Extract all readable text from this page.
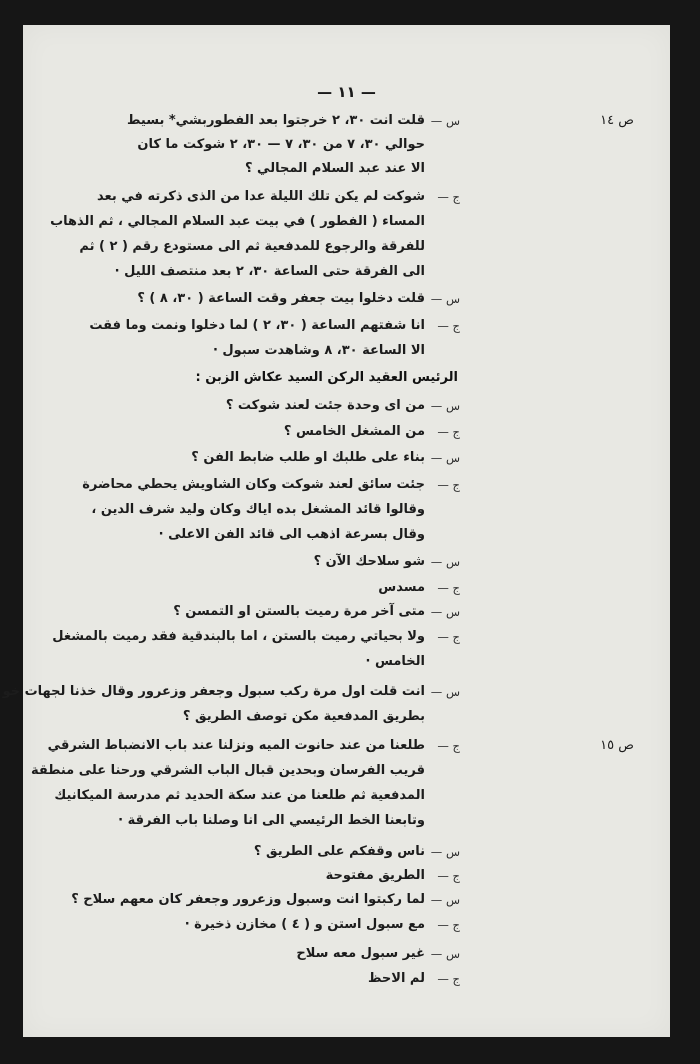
— ١١ —
ص ١٤
ص ١٥
الرئيس العقيد الركن السيد عكاش الزبن :
س —
ج —
س —
ج —
س —
ج —
س —
ج —
س —
ج —
س —
ج —
س —
ج —
س —
ج —
س —
ج —
س —
ج —
قلت انت ٣٠، ٢ خرجتوا بعد الفطوربشي* بسيط
حوالي ٣٠، ٧ من ٣٠، ٧ — ٣٠، ٢ شوكت ما كان
الا عند عبد السلام المجالي ؟
شوكت لم يكن تلك الليلة عدا من الذى ذكرته في بعد
المساء ( الفطور ) في بيت عبد السلام المجالي ، ثم الذهاب
للفرقة والرجوع للمدفعية ثم الى مستودع رقم ( ٢ ) ثم
الى الفرقة حتى الساعة ٣٠، ٢ بعد منتصف الليل ·
قلت دخلوا بيت جعفر وقت الساعة ( ٣٠، ٨ ) ؟
انا شفتهم الساعة ( ٣٠، ٢ ) لما دخلوا ونمت وما فقت
الا الساعة ٣٠، ٨ وشاهدت سبول ·
من اى وحدة جئت لعند شوكت ؟
من المشغل الخامس ؟
بناء على طلبك او طلب ضابط الفن ؟
جئت سائق لعند شوكت وكان الشاويش يحطي محاضرة
وقالوا قائد المشغل بده اياك وكان وليد شرف الدين ،
وقال بسرعة اذهب الى قائد الفن الاعلى ·
شو سلاحك الآن ؟
مسدس
متى آخر مرة رميت بالستن او التمسن ؟
ولا بحياتي رميت بالستن ، اما بالبندقية فقد رميت بالمشغل
الخامس ·
انت قلت اول مرة ركب سبول وجعفر وزعرور وقال خذنا لجهات خو
بطريق المدفعية مكن توصف الطريق ؟
طلعنا من عند حانوت الميه ونزلنا عند باب الانضباط الشرقي
قريب الفرسان وبحدين قبال الباب الشرقي ورحنا على منطقة
المدفعية ثم طلعنا من عند سكة الحديد ثم مدرسة الميكانيك
وتابعنا الخط الرئيسي الى انا وصلنا باب الفرقة ·
ناس وقفكم على الطريق ؟
الطريق مفتوحة
لما ركبتوا انت وسبول وزعرور وجعفر كان معهم سلاح ؟
مع سبول استن و ( ٤ ) مخازن ذخيرة ·
غير سبول معه سلاح
لم الاحظ
